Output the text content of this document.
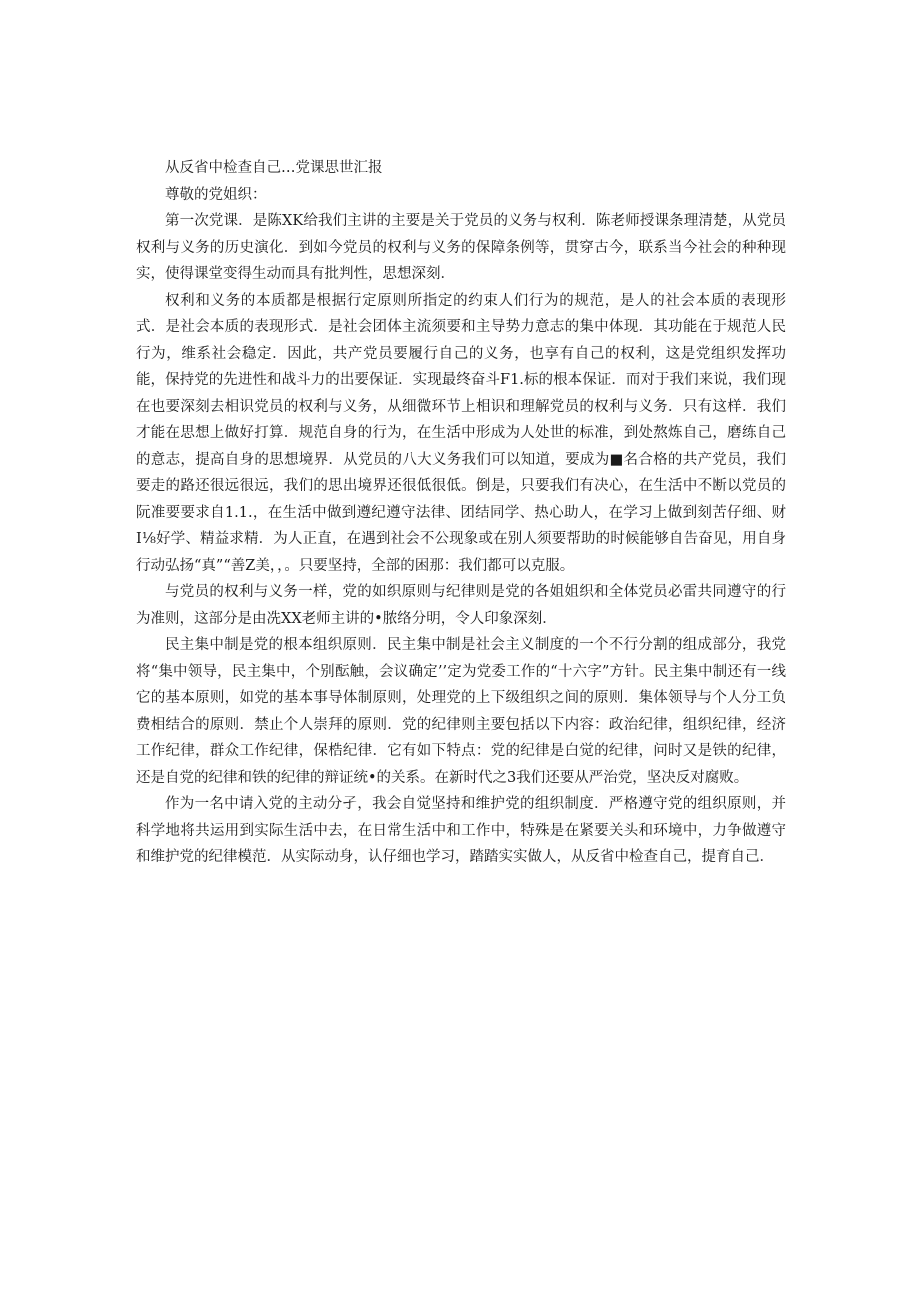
从反省中检查自己…党课思世汇报

尊敬的党姐织：

第一次党课．是陈XK给我们主讲的主要是关于党员的义务与权利．陈老师授课条理清楚，从党员权利与义务的历史演化．到如今党员的权利与义务的保障条例等，贯穿古今，联系当今社会的种种现实，使得课堂变得生动而具有批判性，思想深刻．

权利和义务的本质都是根据行定原则所指定的约束人们行为的规范，是人的社会本质的表现形式．是社会本质的表现形式．是社会团体主流须要和主导势力意志的集中体现．其功能在于规范人民行为，维系社会稳定．因此，共产党员要履行自己的义务，也享有自己的权利，这是党组织发挥功能，保持党的先进性和战斗力的岀要保证．实现最终奋斗F1.标的根本保证．而对于我们来说，我们现在也要深刻去相识党员的权利与义务，从细微环节上相识和理解党员的权利与义务．只有这样．我们才能在思想上做好打算．规范自身的行为，在生活中形成为人处世的标准，到处熬炼自己，磨练自己的意志，提高自身的思想境界．从党员的八大义务我们可以知道，要成为■名合格的共产党员，我们要走的路还很远很远，我们的思出境界还很低很低。倒是，只要我们有决心，在生活中不断以党员的阮准要要求自1.1.，在生活中做到遵纪遵守法律、团结同学、热心助人，在学习上做到刻苦仔细、财Ⅰ⅛好学、精益求精．为人正直，在遇到社会不公现象或在别人须要帮助的时候能够自告奋见，用自身行动弘扬“真”“善Z美，，。只要坚持，全部的困那：我们都可以克服。

与党员的权利与义务一样，党的如织原则与纪律则是党的各姐姐织和全体党员必雷共同遵守的行为准则，这部分是由冼XX老师主讲的•脓络分明，令人印象深刻．

民主集中制是党的根本组织原则．民主集中制是社会主义制度的一个不行分割的组成部分，我党将“集中领导，民主集中，个别酝触，会议确定’’定为党委工作的“十六字”方针。民主集中制还有一线它的基本原则，如党的基本事导体制原则，处理党的上下级组织之间的原则．集体领导与个人分工负费相结合的原则．禁止个人崇拜的原则．党的纪律则主要包括以下内容：政治纪律，组织纪律，经济工作纪律，群众工作纪律，保梏纪律．它有如下特点：党的纪律是白觉的纪律，问时又是铁的纪律，还是自党的纪律和铁的纪律的辩证统•的关系。在新时代之3我们还要从严治党，坚决反对腐败。

作为一名中请入党的主动分孑，我会自觉坚持和维护党的组织制度．严格遵守党的组织原则，并科学地将共运用到实际生活中去，在日常生活中和工作中，特殊是在紧要关头和环境中，力争做遵守和维护党的纪律模范．从实际动身，认仔细也学习，踏踏实实做人，从反省中检查自己，提育自己．
